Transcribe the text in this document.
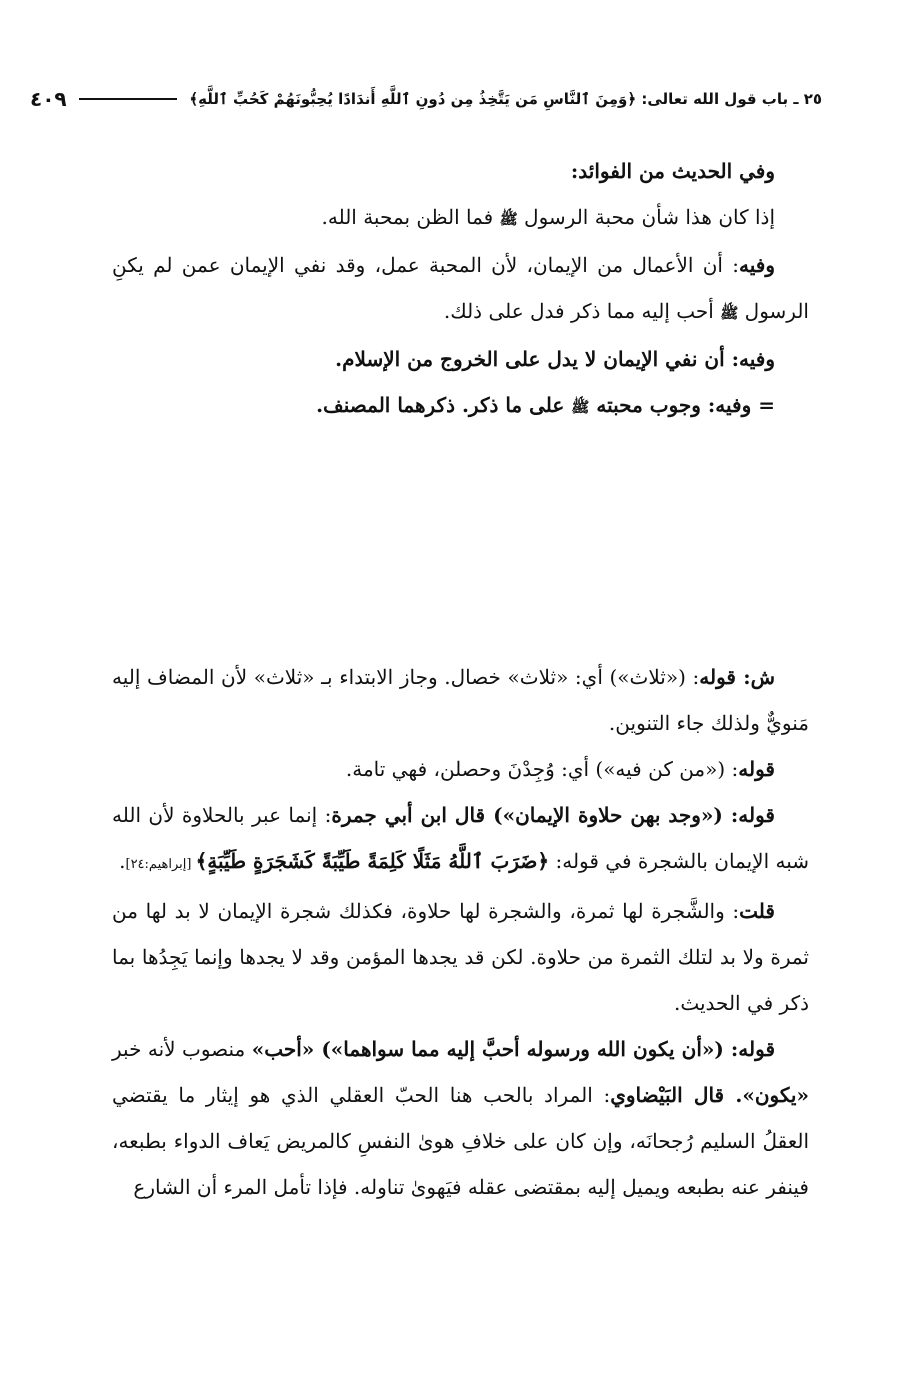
٢٥ ـ باب قول الله تعالى: ﴿وَمِنَ ٱلنَّاسِ مَن يَتَّخِذُ مِن دُونِ ٱللَّهِ أَندَادًا يُحِبُّونَهُمْ كَحُبِّ ٱللَّهِ﴾
٤٠٩

وفي الحديث من الفوائد:

إذا كان هذا شأن محبة الرسول ﷺ فما الظن بمحبة الله.

وفيه: أن الأعمال من الإيمان، لأن المحبة عمل، وقد نفي الإيمان عمن لم يكنِ الرسول ﷺ أحب إليه مما ذكر فدل على ذلك.

وفيه: أن نفي الإيمان لا يدل على الخروج من الإسلام.

= وفيه: وجوب محبته ﷺ على ما ذكر. ذكرهما المصنف.

ش: قوله: («ثلاث») أي: «ثلاث» خصال. وجاز الابتداء بـ «ثلاث» لأن المضاف إليه مَنويٌّ ولذلك جاء التنوين.

قوله: («من كن فيه») أي: وُجِدْنَ وحصلن، فهي تامة.

قوله: («وجد بهن حلاوة الإيمان») قال ابن أبي جمرة: إنما عبر بالحلاوة لأن الله شبه الإيمان بالشجرة في قوله: ﴿ضَرَبَ ٱللَّهُ مَثَلًا كَلِمَةً طَيِّبَةً كَشَجَرَةٍ طَيِّبَةٍ﴾ [إبراهيم:٢٤].

قلت: والشَّجرة لها ثمرة، والشجرة لها حلاوة، فكذلك شجرة الإيمان لا بد لها من ثمرة ولا بد لتلك الثمرة من حلاوة. لكن قد يجدها المؤمن وقد لا يجدها وإنما يَجِدُها بما ذكر في الحديث.

قوله: («أن يكون الله ورسوله أحبَّ إليه مما سواهما») «أحب» منصوب لأنه خبر «يكون». قال البَيْضاوي: المراد بالحب هنا الحبّ العقلي الذي هو إيثار ما يقتضي العقلُ السليم رُجحانَه، وإن كان على خلافِ هوىٰ النفسِ كالمريض يَعاف الدواء بطبعه، فينفر عنه بطبعه ويميل إليه بمقتضى عقله فيَهوىٰ تناوله. فإذا تأمل المرء أن الشارع
